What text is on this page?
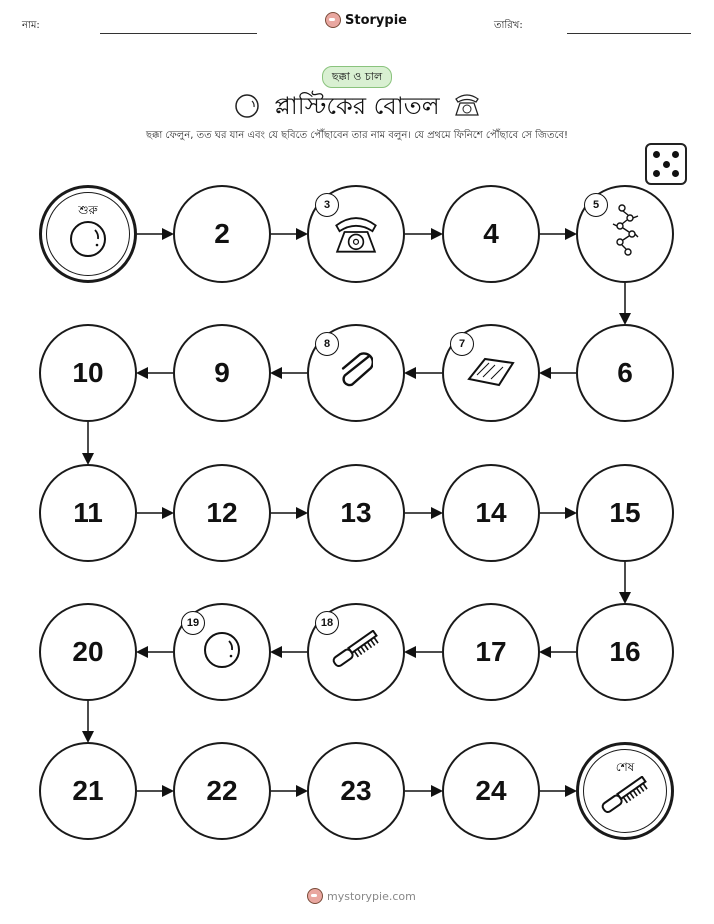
নাম:	Storypie	তারিখ:
ছক্কা ও চাল
প্লাস্টিকের বোতল
ছক্কা ফেলুন, তত ঘর যান এবং যে ছবিতে পৌঁছাবেন তার নাম বলুন। যে প্রথমে ফিনিশে পৌঁছাবে সে জিতবে!
শুরু
2
3
4
5
6
7
8
9
10
11	12	13	14	15
16
17
18
19
20
21	22	23	24
শেষ
mystorypie.com
